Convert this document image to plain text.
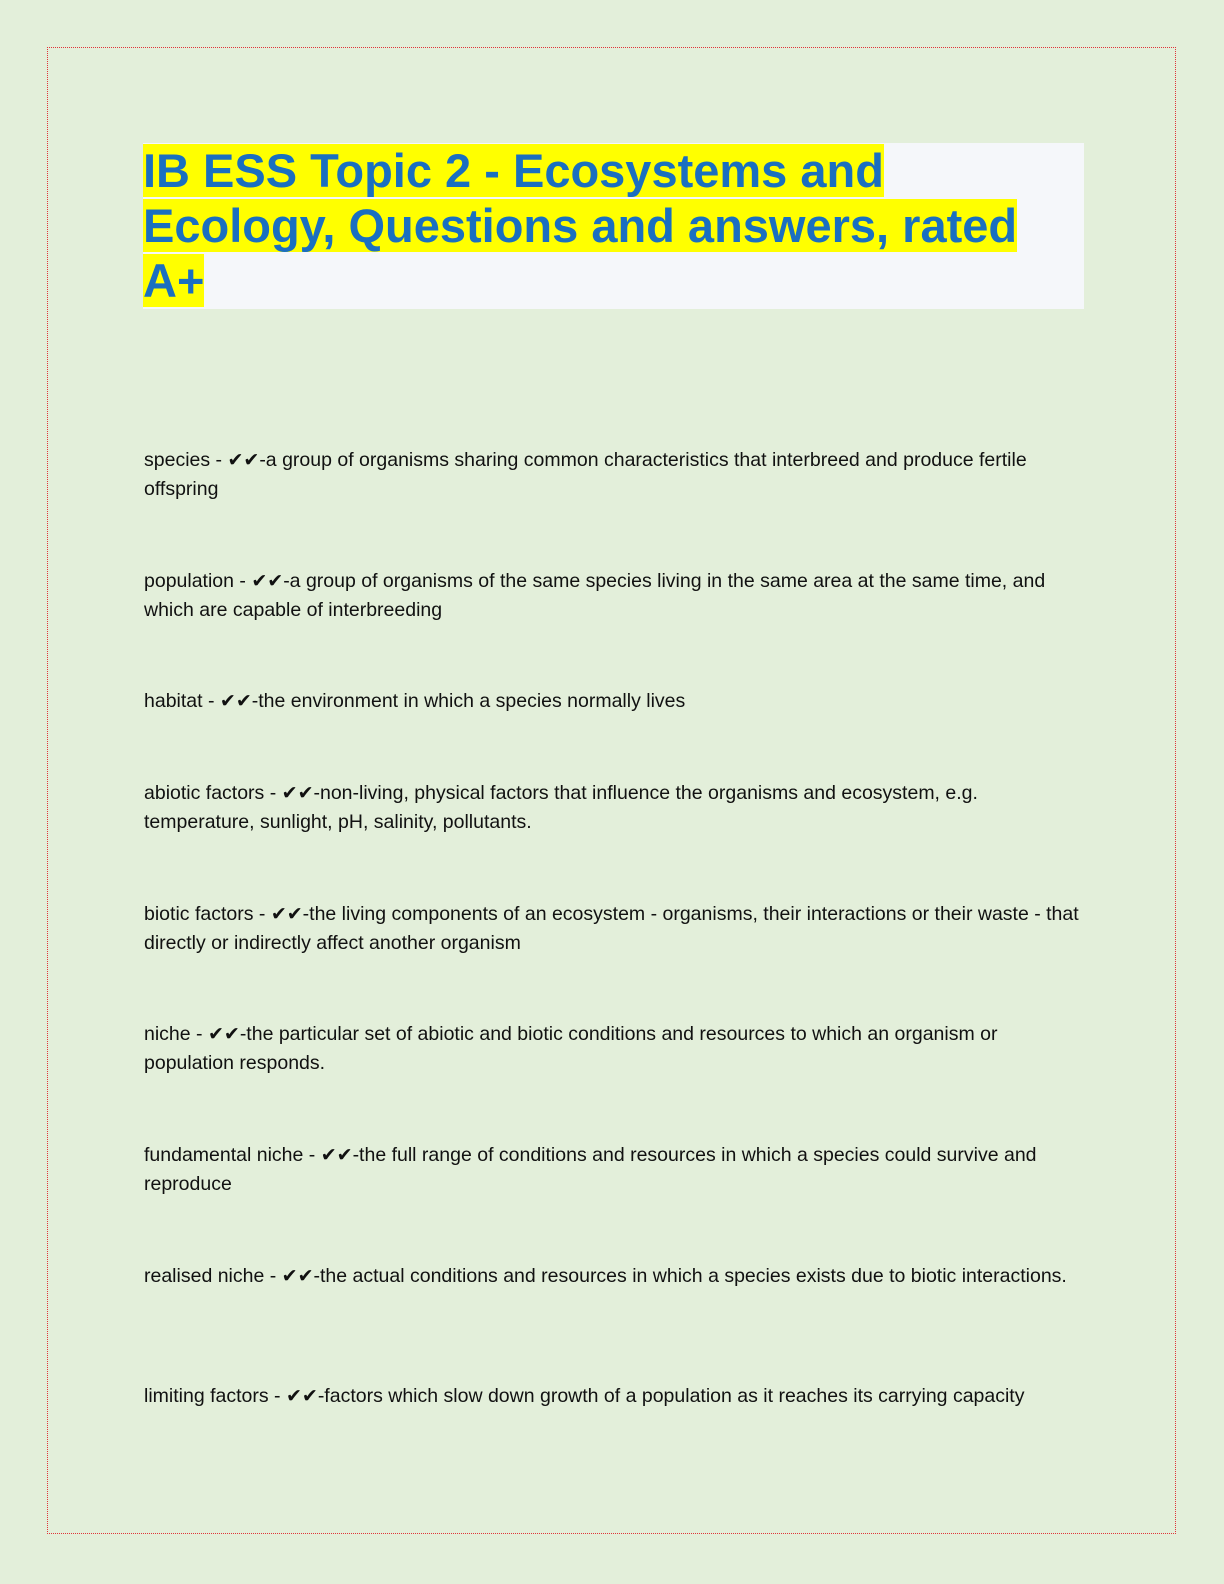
IB ESS Topic 2 - Ecosystems and Ecology, Questions and answers, rated A+

species - ✔✔-a group of organisms sharing common characteristics that interbreed and produce fertile offspring

population - ✔✔-a group of organisms of the same species living in the same area at the same time, and which are capable of interbreeding

habitat - ✔✔-the environment in which a species normally lives

abiotic factors - ✔✔-non-living, physical factors that influence the organisms and ecosystem, e.g. temperature, sunlight, pH, salinity, pollutants.

biotic factors - ✔✔-the living components of an ecosystem - organisms, their interactions or their waste - that directly or indirectly affect another organism

niche - ✔✔-the particular set of abiotic and biotic conditions and resources to which an organism or population responds.

fundamental niche - ✔✔-the full range of conditions and resources in which a species could survive and reproduce

realised niche - ✔✔-the actual conditions and resources in which a species exists due to biotic interactions.

limiting factors - ✔✔-factors which slow down growth of a population as it reaches its carrying capacity
